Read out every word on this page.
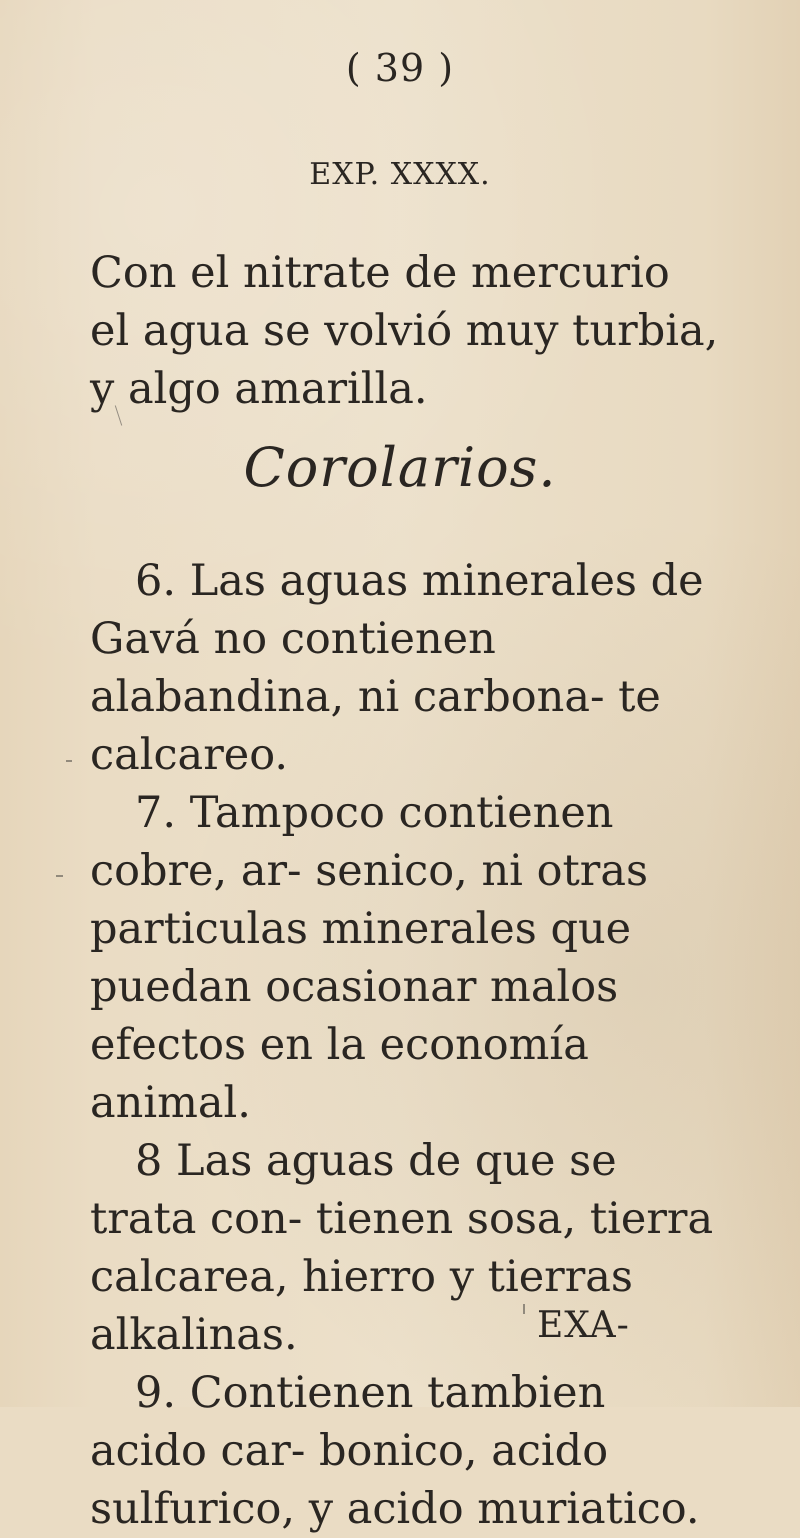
( 39 )
EXP. XXXX.

Con el nitrate de mercurio el agua se volvió muy turbia, y algo amarilla.

Corolarios.

6. Las aguas minerales de Gavá no contienen alabandina, ni carbona- te calcareo.

7. Tampoco contienen cobre, ar- senico, ni otras particulas minerales que puedan ocasionar malos efectos en la economía animal.

8 Las aguas de que se trata con- tienen sosa, tierra calcarea, hierro y tierras alkalinas.

9. Contienen tambien acido car- bonico, acido sulfurico, y acido muriatico.

EXA-
